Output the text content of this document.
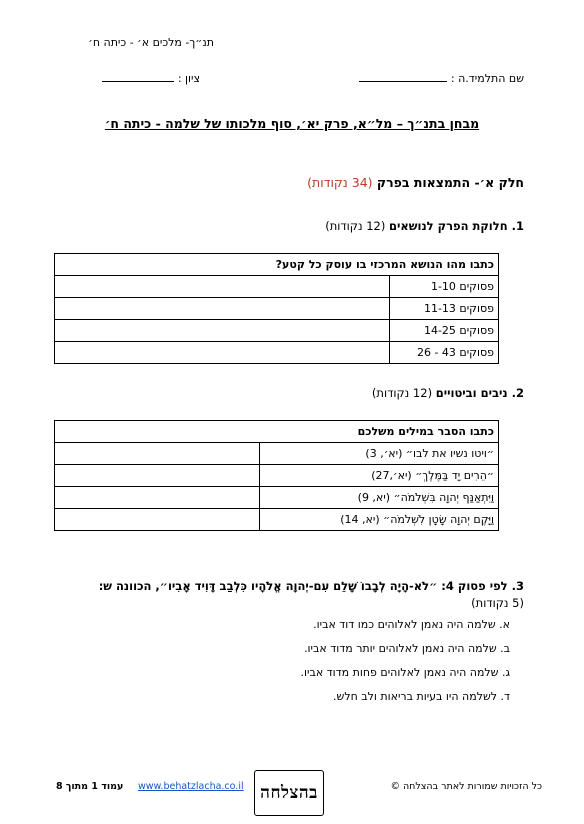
תנ״ך- מלכים א׳ - כיתה ח׳
שם התלמיד.ה :
ציון :
מבחן בתנ״ך – מל״א, פרק יא׳, סוף מלכותו של שלמה - כיתה ח׳
חלק א׳- התמצאות בפרק (34 נקודות)
1. חלוקת הפרק לנושאים (12 נקודות)
כתבו מהו הנושא המרכזי בו עוסק כל קטע?	
פסוקים 1-10	
פסוקים 11-13	
פסוקים 14-25	
פסוקים 43 - 26	
2. ניבים וביטויים (12 נקודות)
כתבו הסבר במילים משלכם	
״ויטו נשיו את לבו״ (יא׳, 3)	
״הֵרִים יָד בַּמֶּלֶךְ״ (יא׳,27)	
וַיִּתְאַנַּף יְהוָה בִּשְׁלֹמֹה״ (יא, 9)	
וַיָּקֶם יְהוָה שָׂטָן לִשְׁלֹמֹה״ (יא, 14)	
3. לפי פסוק 4: ״לֹא-הָיָה לְבָבוֹ שָׁלֵם עִם-יְהוָה אֱלֹהָיו כִּלְבַב דָּוִיד אָבִיו״, הכוונה ש:
(5 נקודות)
א. שלמה היה נאמן לאלוהים כמו דוד אביו.
ב. שלמה היה נאמן לאלוהים יותר מדוד אביו.
ג. שלמה היה נאמן לאלוהים פחות מדוד אביו.
ד. לשלמה היו בעיות בריאות ולב חלש.
כל הזכויות שמורות לאתר בהצלחה ©
בהצלחה
www.behatzlacha.co.il
עמוד 1 מתוך 8
